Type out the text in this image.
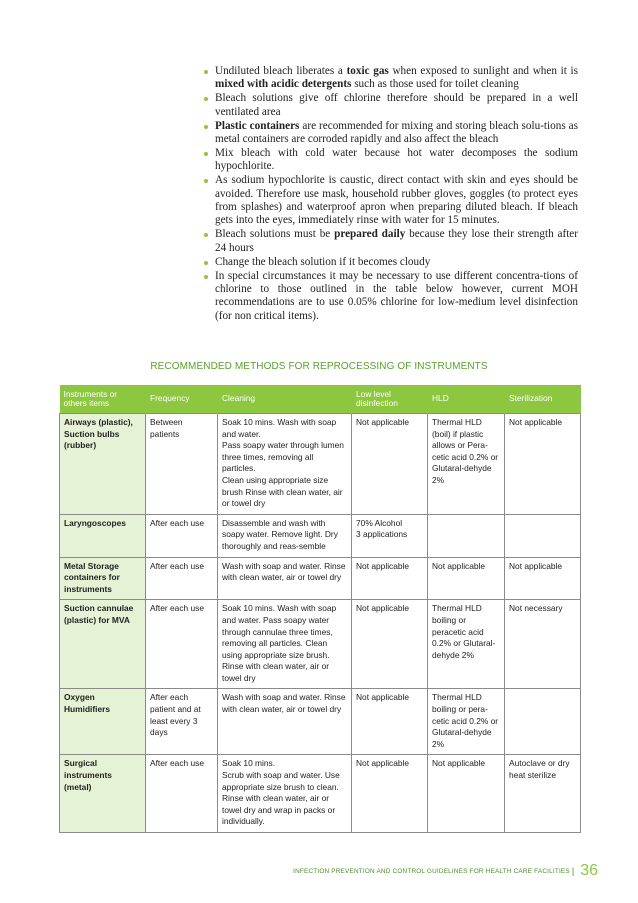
Undiluted bleach liberates a toxic gas when exposed to sunlight and when it is mixed with acidic detergents such as those used for toilet cleaning
Bleach solutions give off chlorine therefore should be prepared in a well ventilated area
Plastic containers are recommended for mixing and storing bleach solu-tions as metal containers are corroded rapidly and also affect the bleach
Mix bleach with cold water because hot water decomposes the sodium hypochlorite.
As sodium hypochlorite is caustic, direct contact with skin and eyes should be avoided. Therefore use mask, household rubber gloves, goggles (to protect eyes from splashes) and waterproof apron when preparing diluted bleach. If bleach gets into the eyes, immediately rinse with water for 15 minutes.
Bleach solutions must be prepared daily because they lose their strength after 24 hours
Change the bleach solution if it becomes cloudy
In special circumstances it may be necessary to use different concentra-tions of chlorine to those outlined in the table below however, current MOH recommendations are to use 0.05% chlorine for low-medium level disinfection (for non critical items).
RECOMMENDED METHODS FOR REPROCESSING OF INSTRUMENTS
Instruments or others items	Frequency	Cleaning	Low level disinfection	HLD	Sterilization
Airways (plastic), Suction bulbs (rubber)	Between patients	Soak 10 mins. Wash with soap and water.
Pass soapy water through lumen three times, removing all particles.
Clean using appropriate size brush Rinse with clean water, air or towel dry	Not applicable	Thermal HLD (boil) if plastic allows or Pera-cetic acid 0.2% or Glutaral-dehyde 2%	Not applicable
Laryngoscopes	After each use	Disassemble and wash with soapy water. Remove light. Dry thoroughly and reas-semble	70% Alcohol
3 applications		
Metal Storage containers for instruments	After each use	Wash with soap and water. Rinse with clean water, air or towel dry	Not applicable	Not applicable	Not applicable
Suction cannulae (plastic) for MVA	After each use	Soak 10 mins. Wash with soap and water. Pass soapy water through cannulae three times, removing all particles. Clean using appropriate size brush. Rinse with clean water, air or towel dry	Not applicable	Thermal HLD boiling or peracetic acid 0.2% or Glutaral-dehyde 2%	Not necessary
Oxygen Humidifiers	After each patient and at least every 3 days	Wash with soap and water. Rinse with clean water, air or towel dry	Not applicable	Thermal HLD boiling or pera-cetic acid 0.2% or Glutaral-dehyde 2%	
Surgical instruments (metal)	After each use	Soak 10 mins.
Scrub with soap and water. Use appropriate size brush to clean. Rinse with clean water, air or towel dry and wrap in packs or individually.	Not applicable	Not applicable	Autoclave or dry heat sterilize
INFECTION PREVENTION AND CONTROL GUIDELINES FOR HEALTH CARE FACILITIES | 36
